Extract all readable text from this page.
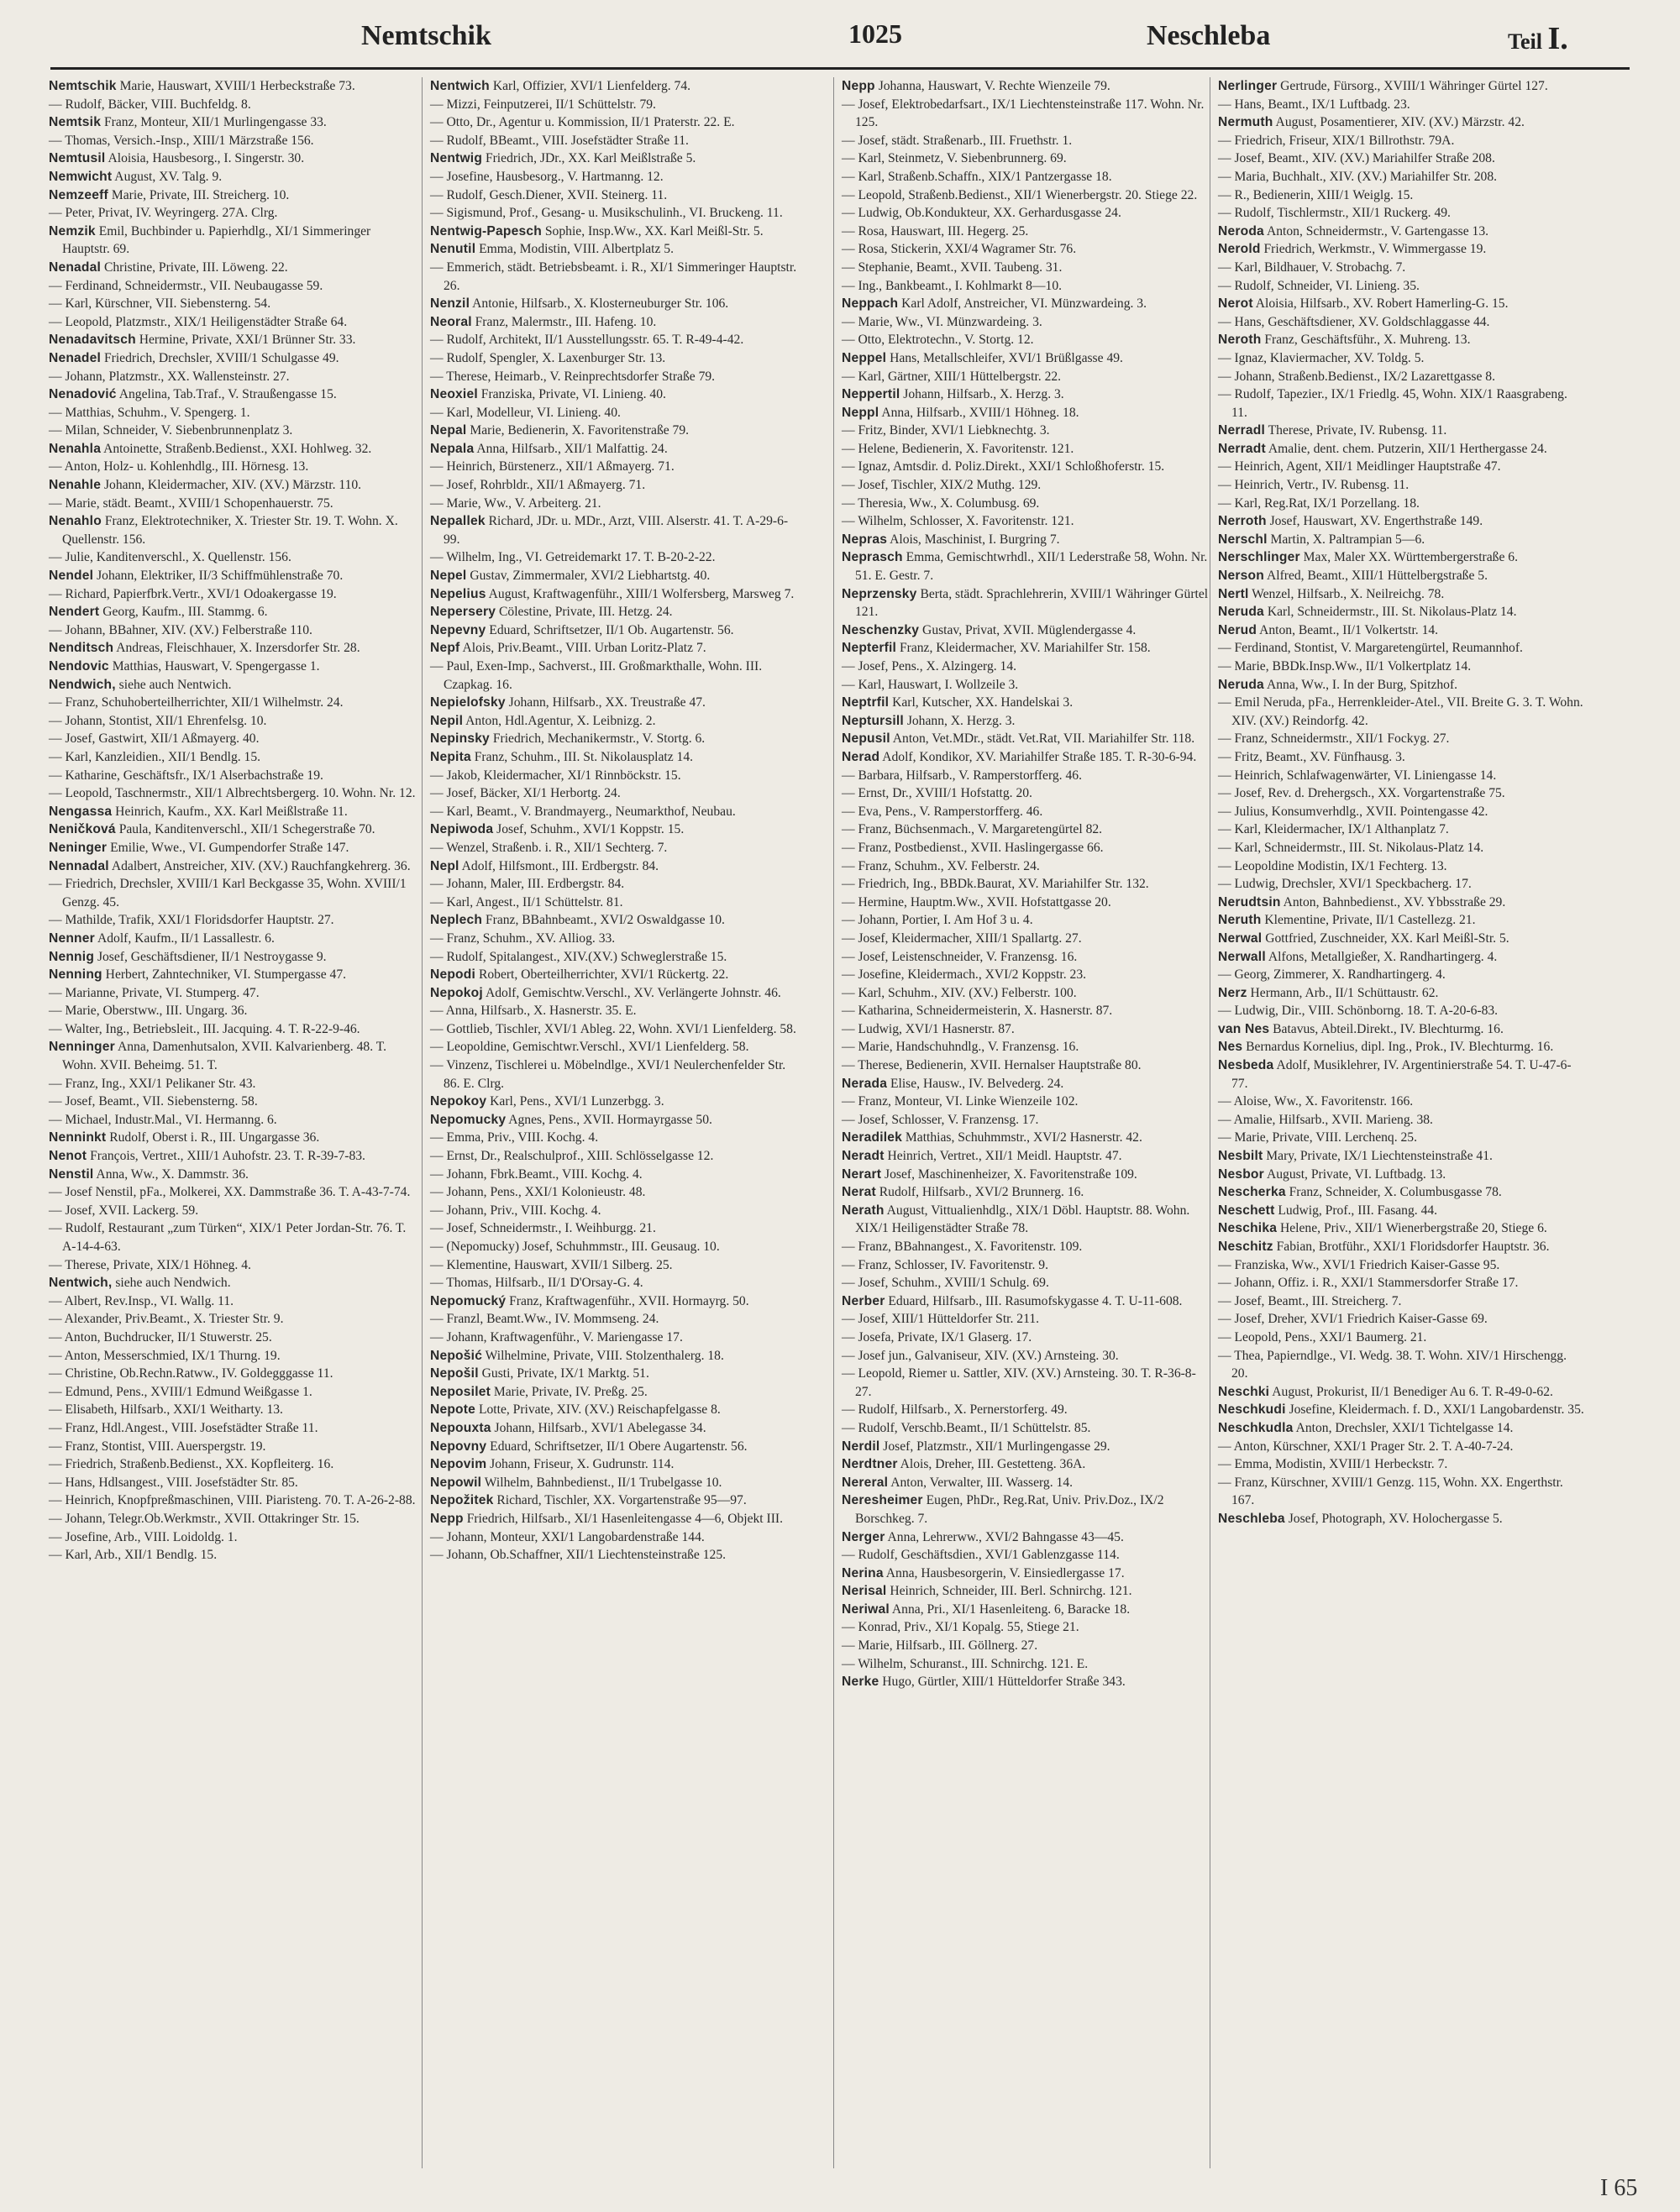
Nemtschik	1025	Neschleba	Teil I.

Nemtschik Marie, Hauswart, XVIII/1 Herbeckstraße 73.

— Rudolf, Bäcker, VIII. Buchfeldg. 8.

Nemtsik Franz, Monteur, XII/1 Murlingengasse 33.

— Thomas, Versich.-Insp., XIII/1 Märzstraße 156.

Nemtusil Aloisia, Hausbesorg., I. Singerstr. 30.

Nemwicht August, XV. Talg. 9.

Nemzeeff Marie, Private, III. Streicherg. 10.

— Peter, Privat, IV. Weyringerg. 27A. Clrg.

Nemzik Emil, Buchbinder u. Papierhdlg., XI/1 Simmeringer Hauptstr. 69.

Nenadal Christine, Private, III. Löweng. 22.

— Ferdinand, Schneidermstr., VII. Neubaugasse 59.

— Karl, Kürschner, VII. Siebensterng. 54.

— Leopold, Platzmstr., XIX/1 Heiligenstädter Straße 64.

Nenadavitsch Hermine, Private, XXI/1 Brünner Str. 33.

Nenadel Friedrich, Drechsler, XVIII/1 Schulgasse 49.

— Johann, Platzmstr., XX. Wallensteinstr. 27.

Nenadović Angelina, Tab.Traf., V. Straußengasse 15.

— Matthias, Schuhm., V. Spengerg. 1.

— Milan, Schneider, V. Siebenbrunnenplatz 3.

Nenahla Antoinette, Straßenb.Bedienst., XXI. Hohlweg. 32.

— Anton, Holz- u. Kohlenhdlg., III. Hörnesg. 13.

Nenahle Johann, Kleidermacher, XIV. (XV.) Märzstr. 110.

— Marie, städt. Beamt., XVIII/1 Schopenhauerstr. 75.

Nenahlo Franz, Elektrotechniker, X. Triester Str. 19. T. Wohn. X. Quellenstr. 156.

— Julie, Kanditenverschl., X. Quellenstr. 156.

Nendel Johann, Elektriker, II/3 Schiffmühlenstraße 70.

— Richard, Papierfbrk.Vertr., XVI/1 Odoakergasse 19.

Nendert Georg, Kaufm., III. Stammg. 6.

— Johann, BBahner, XIV. (XV.) Felberstraße 110.

Nenditsch Andreas, Fleischhauer, X. Inzersdorfer Str. 28.

Nendovic Matthias, Hauswart, V. Spengergasse 1.

Nendwich, siehe auch Nentwich.

— Franz, Schuhoberteilherrichter, XII/1 Wilhelmstr. 24.

— Johann, Stontist, XII/1 Ehrenfelsg. 10.

— Josef, Gastwirt, XII/1 Aßmayerg. 40.

— Karl, Kanzleidien., XII/1 Bendlg. 15.

— Katharine, Geschäftsfr., IX/1 Alserbachstraße 19.

— Leopold, Taschnermstr., XII/1 Albrechtsbergerg. 10. Wohn. Nr. 12.

Nengassa Heinrich, Kaufm., XX. Karl Meißlstraße 11.

Neničková Paula, Kanditenverschl., XII/1 Schegerstraße 70.

Neninger Emilie, Wwe., VI. Gumpendorfer Straße 147.

Nennadal Adalbert, Anstreicher, XIV. (XV.) Rauchfangkehrerg. 36.

— Friedrich, Drechsler, XVIII/1 Karl Beckgasse 35, Wohn. XVIII/1 Genzg. 45.

— Mathilde, Trafik, XXI/1 Floridsdorfer Hauptstr. 27.

Nenner Adolf, Kaufm., II/1 Lassallestr. 6.

Nennig Josef, Geschäftsdiener, II/1 Nestroygasse 9.

Nenning Herbert, Zahntechniker, VI. Stumpergasse 47.

— Marianne, Private, VI. Stumperg. 47.

— Marie, Oberstww., III. Ungarg. 36.

— Walter, Ing., Betriebsleit., III. Jacquing. 4. T. R-22-9-46.

Nenninger Anna, Damenhutsalon, XVII. Kalvarienberg. 48. T. Wohn. XVII. Beheimg. 51. T.

— Franz, Ing., XXI/1 Pelikaner Str. 43.

— Josef, Beamt., VII. Siebensterng. 58.

— Michael, Industr.Mal., VI. Hermanng. 6.

Nenninkt Rudolf, Oberst i. R., III. Ungargasse 36.

Nenot François, Vertret., XIII/1 Auhofstr. 23. T. R-39-7-83.

Nenstil Anna, Ww., X. Dammstr. 36.

— Josef Nenstil, pFa., Molkerei, XX. Dammstraße 36. T. A-43-7-74.

— Josef, XVII. Lackerg. 59.

— Rudolf, Restaurant „zum Türken“, XIX/1 Peter Jordan-Str. 76. T. A-14-4-63.

— Therese, Private, XIX/1 Höhneg. 4.

Nentwich, siehe auch Nendwich.

— Albert, Rev.Insp., VI. Wallg. 11.

— Alexander, Priv.Beamt., X. Triester Str. 9.

— Anton, Buchdrucker, II/1 Stuwerstr. 25.

— Anton, Messerschmied, IX/1 Thurng. 19.

— Christine, Ob.Rechn.Ratww., IV. Goldegggasse 11.

— Edmund, Pens., XVIII/1 Edmund Weißgasse 1.

— Elisabeth, Hilfsarb., XXI/1 Weitharty. 13.

— Franz, Hdl.Angest., VIII. Josefstädter Straße 11.

— Franz, Stontist, VIII. Auerspergstr. 19.

— Friedrich, Straßenb.Bedienst., XX. Kopfleiterg. 16.

— Hans, Hdlsangest., VIII. Josefstädter Str. 85.

— Heinrich, Knopfpreßmaschinen, VIII. Piaristeng. 70. T. A-26-2-88.

— Johann, Telegr.Ob.Werkmstr., XVII. Ottakringer Str. 15.

— Josefine, Arb., VIII. Loidoldg. 1.

— Karl, Arb., XII/1 Bendlg. 15.

Nentwich Karl, Offizier, XVI/1 Lienfelderg. 74.

— Mizzi, Feinputzerei, II/1 Schüttelstr. 79.

— Otto, Dr., Agentur u. Kommission, II/1 Praterstr. 22. E.

— Rudolf, BBeamt., VIII. Josefstädter Straße 11.

Nentwig Friedrich, JDr., XX. Karl Meißlstraße 5.

— Josefine, Hausbesorg., V. Hartmanng. 12.

— Rudolf, Gesch.Diener, XVII. Steinerg. 11.

— Sigismund, Prof., Gesang- u. Musikschulinh., VI. Bruckeng. 11.

Nentwig-Papesch Sophie, Insp.Ww., XX. Karl Meißl-Str. 5.

Nenutil Emma, Modistin, VIII. Albertplatz 5.

— Emmerich, städt. Betriebsbeamt. i. R., XI/1 Simmeringer Hauptstr. 26.

Nenzil Antonie, Hilfsarb., X. Klosterneuburger Str. 106.

Neoral Franz, Malermstr., III. Hafeng. 10.

— Rudolf, Architekt, II/1 Ausstellungsstr. 65. T. R-49-4-42.

— Rudolf, Spengler, X. Laxenburger Str. 13.

— Therese, Heimarb., V. Reinprechtsdorfer Straße 79.

Neoxiel Franziska, Private, VI. Linieng. 40.

— Karl, Modelleur, VI. Linieng. 40.

Nepal Marie, Bedienerin, X. Favoritenstraße 79.

Nepala Anna, Hilfsarb., XII/1 Malfattig. 24.

— Heinrich, Bürstenerz., XII/1 Aßmayerg. 71.

— Josef, Rohrbldr., XII/1 Aßmayerg. 71.

— Marie, Ww., V. Arbeiterg. 21.

Nepallek Richard, JDr. u. MDr., Arzt, VIII. Alserstr. 41. T. A-29-6-99.

— Wilhelm, Ing., VI. Getreidemarkt 17. T. B-20-2-22.

Nepel Gustav, Zimmermaler, XVI/2 Liebhartstg. 40.

Nepelius August, Kraftwagenführ., XIII/1 Wolfersberg, Marsweg 7.

Nepersery Cölestine, Private, III. Hetzg. 24.

Nepevny Eduard, Schriftsetzer, II/1 Ob. Augartenstr. 56.

Nepf Alois, Priv.Beamt., VIII. Urban Loritz-Platz 7.

— Paul, Exen-Imp., Sachverst., III. Großmarkthalle, Wohn. III. Czapkag. 16.

Nepielofsky Johann, Hilfsarb., XX. Treustraße 47.

Nepil Anton, Hdl.Agentur, X. Leibnizg. 2.

Nepinsky Friedrich, Mechanikermstr., V. Stortg. 6.

Nepita Franz, Schuhm., III. St. Nikolausplatz 14.

— Jakob, Kleidermacher, XI/1 Rinnböckstr. 15.

— Josef, Bäcker, XI/1 Herbortg. 24.

— Karl, Beamt., V. Brandmayerg., Neumarkthof, Neubau.

Nepiwoda Josef, Schuhm., XVI/1 Koppstr. 15.

— Wenzel, Straßenb. i. R., XII/1 Sechterg. 7.

Nepl Adolf, Hilfsmont., III. Erdbergstr. 84.

— Johann, Maler, III. Erdbergstr. 84.

— Karl, Angest., II/1 Schüttelstr. 81.

Neplech Franz, BBahnbeamt., XVI/2 Oswaldgasse 10.

— Franz, Schuhm., XV. Alliog. 33.

— Rudolf, Spitalangest., XIV.(XV.) Schweglerstraße 15.

Nepodi Robert, Oberteilherrichter, XVI/1 Rückertg. 22.

Nepokoj Adolf, Gemischtw.Verschl., XV. Verlängerte Johnstr. 46.

— Anna, Hilfsarb., X. Hasnerstr. 35. E.

— Gottlieb, Tischler, XVI/1 Ableg. 22, Wohn. XVI/1 Lienfelderg. 58.

— Leopoldine, Gemischtwr.Verschl., XVI/1 Lienfelderg. 58.

— Vinzenz, Tischlerei u. Möbelndlge., XVI/1 Neulerchenfelder Str. 86. E. Clrg.

Nepokoy Karl, Pens., XVI/1 Lunzerbgg. 3.

Nepomucky Agnes, Pens., XVII. Hormayrgasse 50.

— Emma, Priv., VIII. Kochg. 4.

— Ernst, Dr., Realschulprof., XIII. Schlösselgasse 12.

— Johann, Fbrk.Beamt., VIII. Kochg. 4.

— Johann, Pens., XXI/1 Kolonieustr. 48.

— Johann, Priv., VIII. Kochg. 4.

— Josef, Schneidermstr., I. Weihburgg. 21.

— (Nepomucky) Josef, Schuhmmstr., III. Geusaug. 10.

— Klementine, Hauswart, XVII/1 Silberg. 25.

— Thomas, Hilfsarb., II/1 D'Orsay-G. 4.

Nepomucký Franz, Kraftwagenführ., XVII. Hormayrg. 50.

— Franzl, Beamt.Ww., IV. Mommseng. 24.

— Johann, Kraftwagenführ., V. Mariengasse 17.

Nepošić Wilhelmine, Private, VIII. Stolzenthalerg. 18.

Nepošil Gusti, Private, IX/1 Marktg. 51.

Neposilet Marie, Private, IV. Preßg. 25.

Nepote Lotte, Private, XIV. (XV.) Reischapfelgasse 8.

Nepouxta Johann, Hilfsarb., XVI/1 Abelegasse 34.

Nepovny Eduard, Schriftsetzer, II/1 Obere Augartenstr. 56.

Nepovim Johann, Friseur, X. Gudrunstr. 114.

Nepowil Wilhelm, Bahnbedienst., II/1 Trubelgasse 10.

Nepožitek Richard, Tischler, XX. Vorgartenstraße 95—97.

Nepp Friedrich, Hilfsarb., XI/1 Hasenleitengasse 4—6, Objekt III.

— Johann, Monteur, XXI/1 Langobardenstraße 144.

— Johann, Ob.Schaffner, XII/1 Liechtensteinstraße 125.

Nepp Johanna, Hauswart, V. Rechte Wienzeile 79.

— Josef, Elektrobedarfsart., IX/1 Liechtensteinstraße 117. Wohn. Nr. 125.

— Josef, städt. Straßenarb., III. Fruethstr. 1.

— Karl, Steinmetz, V. Siebenbrunnerg. 69.

— Karl, Straßenb.Schaffn., XIX/1 Pantzergasse 18.

— Leopold, Straßenb.Bedienst., XII/1 Wienerbergstr. 20. Stiege 22.

— Ludwig, Ob.Kondukteur, XX. Gerhardusgasse 24.

— Rosa, Hauswart, III. Hegerg. 25.

— Rosa, Stickerin, XXI/4 Wagramer Str. 76.

— Stephanie, Beamt., XVII. Taubeng. 31.

— Ing., Bankbeamt., I. Kohlmarkt 8—10.

Neppach Karl Adolf, Anstreicher, VI. Münzwardeing. 3.

— Marie, Ww., VI. Münzwardeing. 3.

— Otto, Elektrotechn., V. Stortg. 12.

Neppel Hans, Metallschleifer, XVI/1 Brüßlgasse 49.

— Karl, Gärtner, XIII/1 Hüttelbergstr. 22.

Neppertil Johann, Hilfsarb., X. Herzg. 3.

Neppl Anna, Hilfsarb., XVIII/1 Höhneg. 18.

— Fritz, Binder, XVI/1 Liebknechtg. 3.

— Helene, Bedienerin, X. Favoritenstr. 121.

— Ignaz, Amtsdir. d. Poliz.Direkt., XXI/1 Schloßhoferstr. 15.

— Josef, Tischler, XIX/2 Muthg. 129.

— Theresia, Ww., X. Columbusg. 69.

— Wilhelm, Schlosser, X. Favoritenstr. 121.

Nepras Alois, Maschinist, I. Burgring 7.

Neprasch Emma, Gemischtwrhdl., XII/1 Lederstraße 58, Wohn. Nr. 51. E. Gestr. 7.

Neprzensky Berta, städt. Sprachlehrerin, XVIII/1 Währinger Gürtel 121.

Neschenzky Gustav, Privat, XVII. Müglendergasse 4.

Nepterfil Franz, Kleidermacher, XV. Mariahilfer Str. 158.

— Josef, Pens., X. Alzingerg. 14.

— Karl, Hauswart, I. Wollzeile 3.

Neptrfil Karl, Kutscher, XX. Handelskai 3.

Neptursill Johann, X. Herzg. 3.

Nepusil Anton, Vet.MDr., städt. Vet.Rat, VII. Mariahilfer Str. 118.

Nerad Adolf, Kondikor, XV. Mariahilfer Straße 185. T. R-30-6-94.

— Barbara, Hilfsarb., V. Ramperstorfferg. 46.

— Ernst, Dr., XVIII/1 Hofstattg. 20.

— Eva, Pens., V. Ramperstorfferg. 46.

— Franz, Büchsenmach., V. Margaretengürtel 82.

— Franz, Postbedienst., XVII. Haslingergasse 66.

— Franz, Schuhm., XV. Felberstr. 24.

— Friedrich, Ing., BBDk.Baurat, XV. Mariahilfer Str. 132.

— Hermine, Hauptm.Ww., XVII. Hofstattgasse 20.

— Johann, Portier, I. Am Hof 3 u. 4.

— Josef, Kleidermacher, XIII/1 Spallartg. 27.

— Josef, Leistenschneider, V. Franzensg. 16.

— Josefine, Kleidermach., XVI/2 Koppstr. 23.

— Karl, Schuhm., XIV. (XV.) Felberstr. 100.

— Katharina, Schneidermeisterin, X. Hasnerstr. 87.

— Ludwig, XVI/1 Hasnerstr. 87.

— Marie, Handschuhndlg., V. Franzensg. 16.

— Therese, Bedienerin, XVII. Hernalser Hauptstraße 80.

Nerada Elise, Hausw., IV. Belvederg. 24.

— Franz, Monteur, VI. Linke Wienzeile 102.

— Josef, Schlosser, V. Franzensg. 17.

Neradilek Matthias, Schuhmmstr., XVI/2 Hasnerstr. 42.

Neradt Heinrich, Vertret., XII/1 Meidl. Hauptstr. 47.

Nerart Josef, Maschinenheizer, X. Favoritenstraße 109.

Nerat Rudolf, Hilfsarb., XVI/2 Brunnerg. 16.

Nerath August, Vittualienhdlg., XIX/1 Döbl. Hauptstr. 88. Wohn. XIX/1 Heiligenstädter Straße 78.

— Franz, BBahnangest., X. Favoritenstr. 109.

— Franz, Schlosser, IV. Favoritenstr. 9.

— Josef, Schuhm., XVIII/1 Schulg. 69.

Nerber Eduard, Hilfsarb., III. Rasumofskygasse 4. T. U-11-608.

— Josef, XIII/1 Hütteldorfer Str. 211.

— Josefa, Private, IX/1 Glaserg. 17.

— Josef jun., Galvaniseur, XIV. (XV.) Arnsteing. 30.

— Leopold, Riemer u. Sattler, XIV. (XV.) Arnsteing. 30. T. R-36-8-27.

— Rudolf, Hilfsarb., X. Pernerstorferg. 49.

— Rudolf, Verschb.Beamt., II/1 Schüttelstr. 85.

Nerdil Josef, Platzmstr., XII/1 Murlingengasse 29.

Nerdtner Alois, Dreher, III. Gestetteng. 36A.

Nereral Anton, Verwalter, III. Wasserg. 14.

Neresheimer Eugen, PhDr., Reg.Rat, Univ. Priv.Doz., IX/2 Borschkeg. 7.

Nerger Anna, Lehrerww., XVI/2 Bahngasse 43—45.

— Rudolf, Geschäftsdien., XVI/1 Gablenzgasse 114.

Nerina Anna, Hausbesorgerin, V. Einsiedlergasse 17.

Nerisal Heinrich, Schneider, III. Berl. Schnirchg. 121.

Neriwal Anna, Pri., XI/1 Hasenleiteng. 6, Baracke 18.

— Konrad, Priv., XI/1 Kopalg. 55, Stiege 21.

— Marie, Hilfsarb., III. Göllnerg. 27.

— Wilhelm, Schuranst., III. Schnirchg. 121. E.

Nerke Hugo, Gürtler, XIII/1 Hütteldorfer Straße 343.

Nerlinger Gertrude, Fürsorg., XVIII/1 Währinger Gürtel 127.

— Hans, Beamt., IX/1 Luftbadg. 23.

Nermuth August, Posamentierer, XIV. (XV.) Märzstr. 42.

— Friedrich, Friseur, XIX/1 Billrothstr. 79A.

— Josef, Beamt., XIV. (XV.) Mariahilfer Straße 208.

— Maria, Buchhalt., XIV. (XV.) Mariahilfer Str. 208.

— R., Bedienerin, XIII/1 Weiglg. 15.

— Rudolf, Tischlermstr., XII/1 Ruckerg. 49.

Neroda Anton, Schneidermstr., V. Gartengasse 13.

Nerold Friedrich, Werkmstr., V. Wimmergasse 19.

— Karl, Bildhauer, V. Strobachg. 7.

— Rudolf, Schneider, VI. Linieng. 35.

Nerot Aloisia, Hilfsarb., XV. Robert Hamerling-G. 15.

— Hans, Geschäftsdiener, XV. Goldschlaggasse 44.

Neroth Franz, Geschäftsführ., X. Muhreng. 13.

— Ignaz, Klaviermacher, XV. Toldg. 5.

— Johann, Straßenb.Bedienst., IX/2 Lazarettgasse 8.

— Rudolf, Tapezier., IX/1 Friedlg. 45, Wohn. XIX/1 Raasgrabeng. 11.

Nerradl Therese, Private, IV. Rubensg. 11.

Nerradt Amalie, dent. chem. Putzerin, XII/1 Herthergasse 24.

— Heinrich, Agent, XII/1 Meidlinger Hauptstraße 47.

— Heinrich, Vertr., IV. Rubensg. 11.

— Karl, Reg.Rat, IX/1 Porzellang. 18.

Nerroth Josef, Hauswart, XV. Engerthstraße 149.

Nerschl Martin, X. Paltrampian 5—6.

Nerschlinger Max, Maler XX. Württembergerstraße 6.

Nerson Alfred, Beamt., XIII/1 Hüttelbergstraße 5.

Nertl Wenzel, Hilfsarb., X. Neilreichg. 78.

Neruda Karl, Schneidermstr., III. St. Nikolaus-Platz 14.

Nerud Anton, Beamt., II/1 Volkertstr. 14.

— Ferdinand, Stontist, V. Margaretengürtel, Reumannhof.

— Marie, BBDk.Insp.Ww., II/1 Volkertplatz 14.

Neruda Anna, Ww., I. In der Burg, Spitzhof.

— Emil Neruda, pFa., Herrenkleider-Atel., VII. Breite G. 3. T. Wohn. XIV. (XV.) Reindorfg. 42.

— Franz, Schneidermstr., XII/1 Fockyg. 27.

— Fritz, Beamt., XV. Fünfhausg. 3.

— Heinrich, Schlafwagenwärter, VI. Liniengasse 14.

— Josef, Rev. d. Drehergsch., XX. Vorgartenstraße 75.

— Julius, Konsumverhdlg., XVII. Pointengasse 42.

— Karl, Kleidermacher, IX/1 Althanplatz 7.

— Karl, Schneidermstr., III. St. Nikolaus-Platz 14.

— Leopoldine Modistin, IX/1 Fechterg. 13.

— Ludwig, Drechsler, XVI/1 Speckbacherg. 17.

Nerudtsin Anton, Bahnbedienst., XV. Ybbsstraße 29.

Neruth Klementine, Private, II/1 Castellezg. 21.

Nerwal Gottfried, Zuschneider, XX. Karl Meißl-Str. 5.

Nerwall Alfons, Metallgießer, X. Randhartingerg. 4.

— Georg, Zimmerer, X. Randhartingerg. 4.

Nerz Hermann, Arb., II/1 Schüttaustr. 62.

— Ludwig, Dir., VIII. Schönborng. 18. T. A-20-6-83.

van Nes Batavus, Abteil.Direkt., IV. Blechturmg. 16.

Nes Bernardus Kornelius, dipl. Ing., Prok., IV. Blechturmg. 16.

Nesbeda Adolf, Musiklehrer, IV. Argentinierstraße 54. T. U-47-6-77.

— Aloise, Ww., X. Favoritenstr. 166.

— Amalie, Hilfsarb., XVII. Marieng. 38.

— Marie, Private, VIII. Lerchenq. 25.

Nesbilt Mary, Private, IX/1 Liechtensteinstraße 41.

Nesbor August, Private, VI. Luftbadg. 13.

Nescherka Franz, Schneider, X. Columbusgasse 78.

Neschett Ludwig, Prof., III. Fasang. 44.

Neschika Helene, Priv., XII/1 Wienerbergstraße 20, Stiege 6.

Neschitz Fabian, Brotführ., XXI/1 Floridsdorfer Hauptstr. 36.

— Franziska, Ww., XVI/1 Friedrich Kaiser-Gasse 95.

— Johann, Offiz. i. R., XXI/1 Stammersdorfer Straße 17.

— Josef, Beamt., III. Streicherg. 7.

— Josef, Dreher, XVI/1 Friedrich Kaiser-Gasse 69.

— Leopold, Pens., XXI/1 Baumerg. 21.

— Thea, Papierndlge., VI. Wedg. 38. T. Wohn. XIV/1 Hirschengg. 20.

Neschki August, Prokurist, II/1 Benediger Au 6. T. R-49-0-62.

Neschkudi Josefine, Kleidermach. f. D., XXI/1 Langobardenstr. 35.

Neschkudla Anton, Drechsler, XXI/1 Tichtelgasse 14.

— Anton, Kürschner, XXI/1 Prager Str. 2. T. A-40-7-24.

— Emma, Modistin, XVIII/1 Herbeckstr. 7.

— Franz, Kürschner, XVIII/1 Genzg. 115, Wohn. XX. Engerthstr. 167.

Neschleba Josef, Photograph, XV. Holochergasse 5.

I 65
